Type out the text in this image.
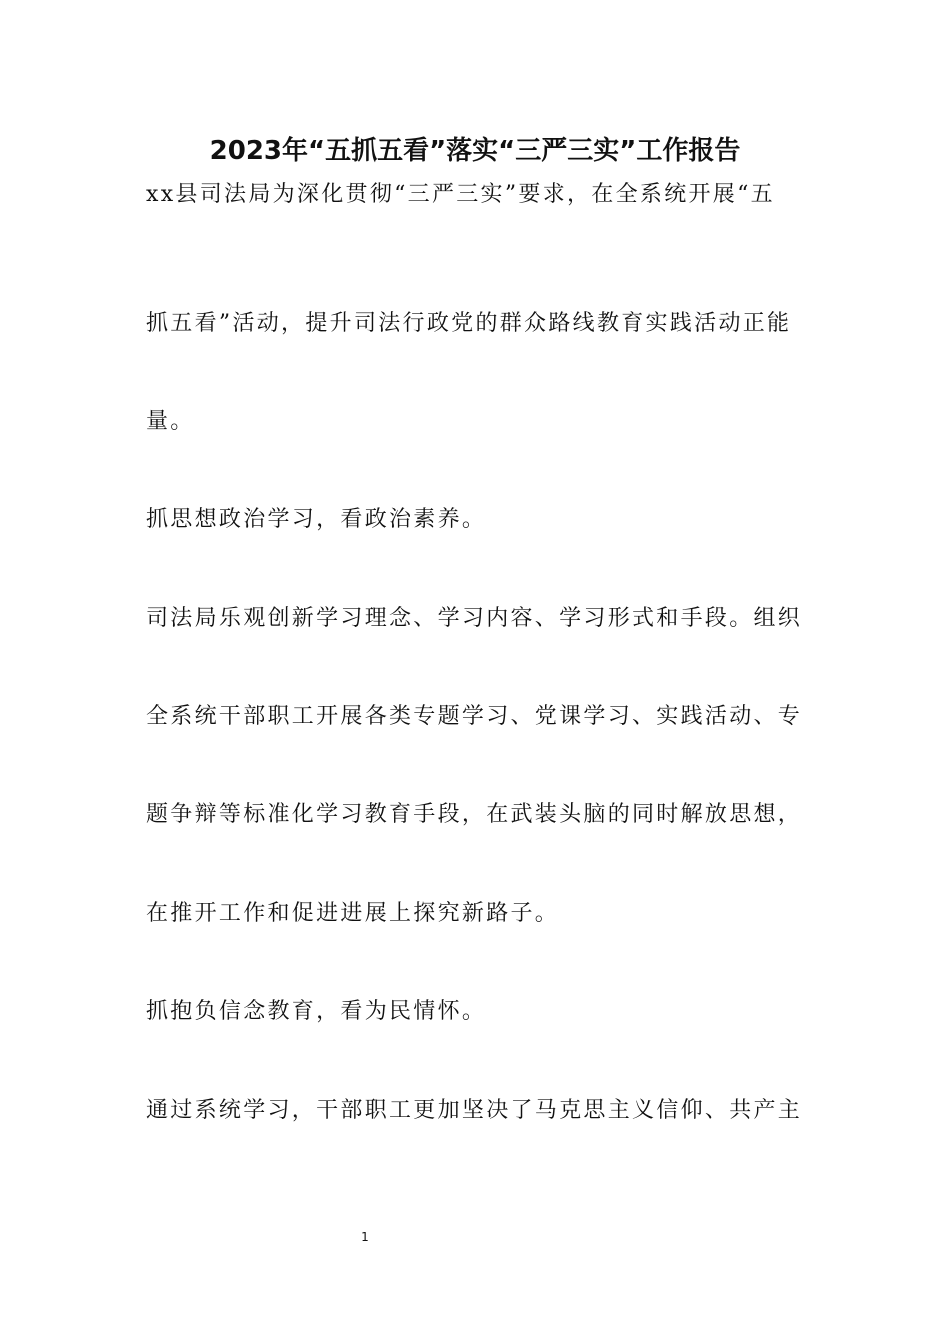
2023年“五抓五看”落实“三严三实”工作报告

xx县司法局为深化贯彻“三严三实”要求，在全系统开展“五

抓五看”活动，提升司法行政党的群众路线教育实践活动正能

量。

抓思想政治学习，看政治素养。

司法局乐观创新学习理念、学习内容、学习形式和手段。组织

全系统干部职工开展各类专题学习、党课学习、实践活动、专

题争辩等标准化学习教育手段，在武装头脑的同时解放思想，

在推开工作和促进进展上探究新路子。

抓抱负信念教育，看为民情怀。

通过系统学习，干部职工更加坚决了马克思主义信仰、共产主

1
